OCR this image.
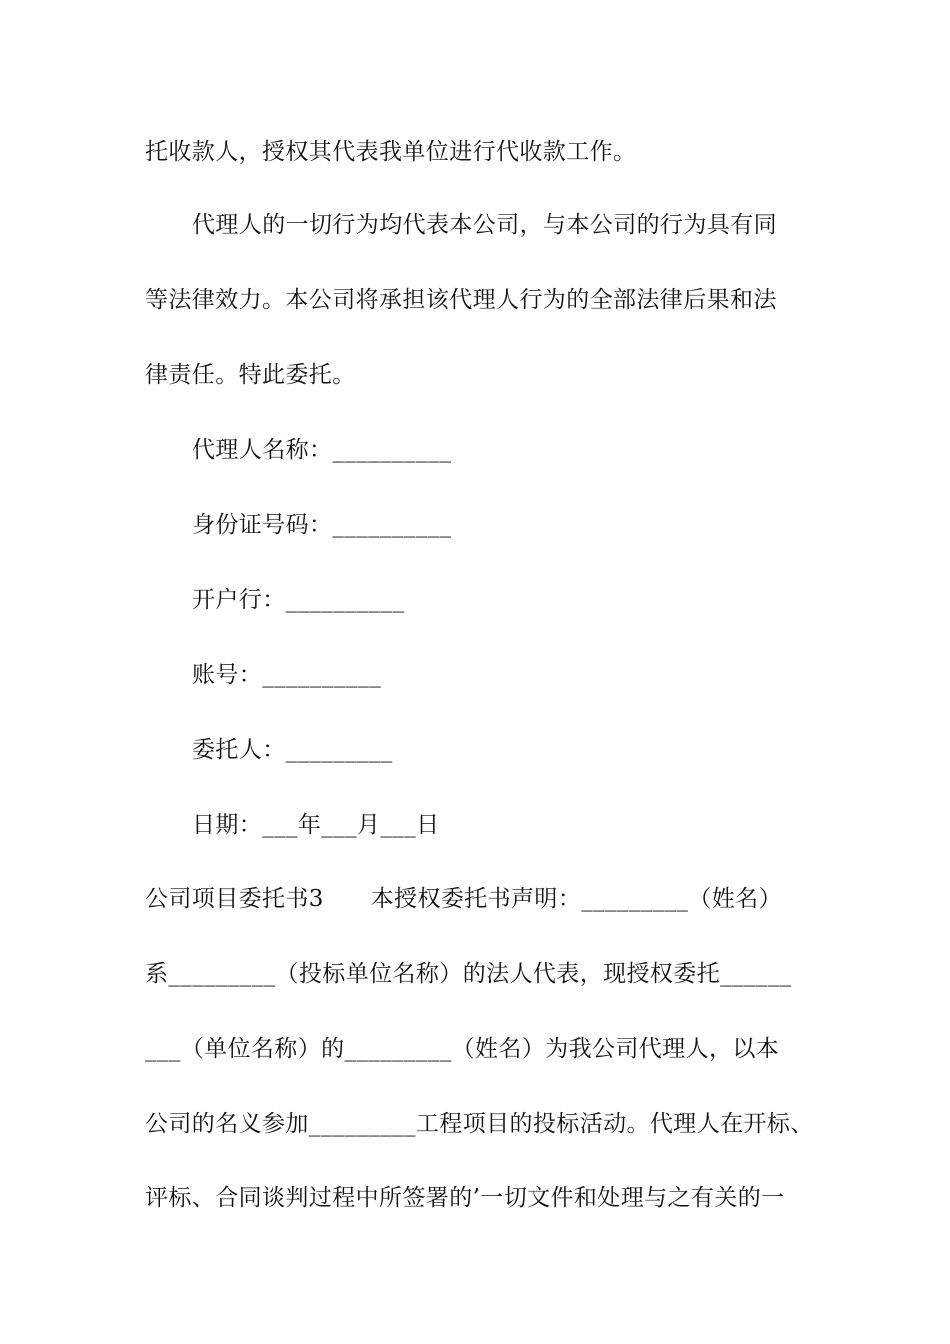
托收款人，授权其代表我单位进行代收款工作。
代理人的一切行为均代表本公司，与本公司的行为具有同
等法律效力。本公司将承担该代理人行为的全部法律后果和法
律责任。特此委托。
代理人名称：__________
身份证号码：__________
开户行：__________
账号：__________
委托人：_________
日期：___年___月___日
公司项目委托书3　　本授权委托书声明：_________（姓名）
系_________（投标单位名称）的法人代表，现授权委托______
___（单位名称）的_________（姓名）为我公司代理人，以本
公司的名义参加_________工程项目的投标活动。代理人在开标、
评标、合同谈判过程中所签署的’一切文件和处理与之有关的一
